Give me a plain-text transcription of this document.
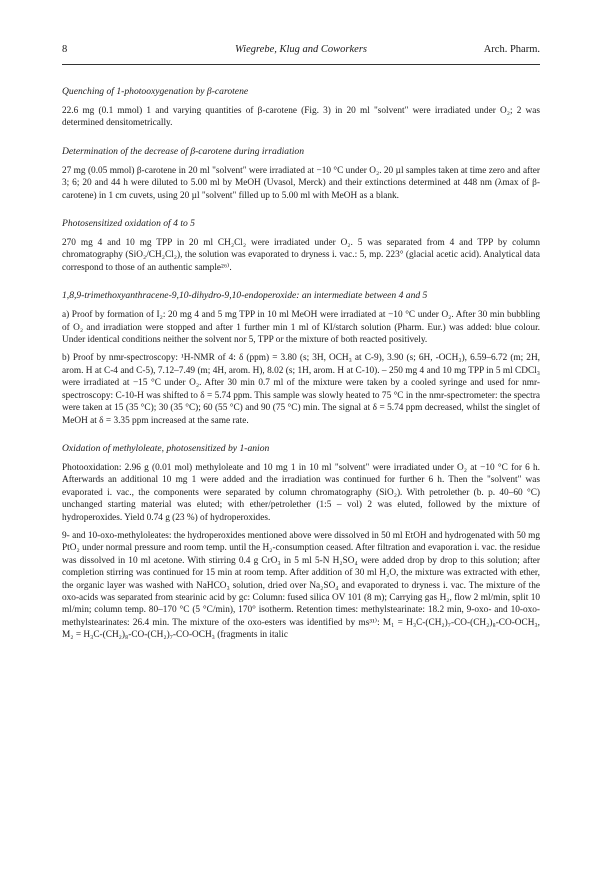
8	Wiegrebe, Klug and Coworkers	Arch. Pharm.
Quenching of 1-photooxygenation by β-carotene
22.6 mg (0.1 mmol) 1 and varying quantities of β-carotene (Fig. 3) in 20 ml "solvent" were irradiated under O₂; 2 was determined densitometrically.
Determination of the decrease of β-carotene during irradiation
27 mg (0.05 mmol) β-carotene in 20 ml "solvent" were irradiated at −10 °C under O₂. 20 µl samples taken at time zero and after 3; 6; 20 and 44 h were diluted to 5.00 ml by MeOH (Uvasol, Merck) and their extinctions determined at 448 nm (λmax of β-carotene) in 1 cm cuvets, using 20 µl "solvent" filled up to 5.00 ml with MeOH as a blank.
Photosensitized oxidation of 4 to 5
270 mg 4 and 10 mg TPP in 20 ml CH₂Cl₂ were irradiated under O₂. 5 was separated from 4 and TPP by column chromatography (SiO₂/CH₂Cl₂), the solution was evaporated to dryness i. vac.: 5, mp. 223° (glacial acetic acid). Analytical data correspond to those of an authentic sample²⁶⁾.
1,8,9-trimethoxyanthracene-9,10-dihydro-9,10-endoperoxide: an intermediate between 4 and 5
a) Proof by formation of I₂: 20 mg 4 and 5 mg TPP in 10 ml MeOH were irradiated at −10 °C under O₂. After 30 min bubbling of O₂ and irradiation were stopped and after 1 further min 1 ml of KI/starch solution (Pharm. Eur.) was added: blue colour. Under identical conditions neither the solvent nor 5, TPP or the mixture of both reacted positively.
b) Proof by nmr-spectroscopy: ¹H-NMR of 4: δ (ppm) = 3.80 (s; 3H, OCH₃ at C-9), 3.90 (s; 6H, -OCH₃), 6.59–6.72 (m; 2H, arom. H at C-4 and C-5), 7.12–7.49 (m; 4H, arom. H), 8.02 (s; 1H, arom. H at C-10). – 250 mg 4 and 10 mg TPP in 5 ml CDCl₃ were irradiated at −15 °C under O₂. After 30 min 0.7 ml of the mixture were taken by a cooled syringe and used for nmr-spectroscopy: C-10-H was shifted to δ = 5.74 ppm. This sample was slowly heated to 75 °C in the nmr-spectrometer: the spectra were taken at 15 (35 °C); 30 (35 °C); 60 (55 °C) and 90 (75 °C) min. The signal at δ = 5.74 ppm decreased, whilst the singlet of MeOH at δ = 3.35 ppm increased at the same rate.
Oxidation of methyloleate, photosensitized by 1-anion
Photooxidation: 2.96 g (0.01 mol) methyloleate and 10 mg 1 in 10 ml "solvent" were irradiated under O₂ at −10 °C for 6 h. Afterwards an additional 10 mg 1 were added and the irradiation was continued for further 6 h. Then the "solvent" was evaporated i. vac., the components were separated by column chromatography (SiO₂). With petrolether (b. p. 40–60 °C) unchanged starting material was eluted; with ether/petrolether (1:5 – vol) 2 was eluted, followed by the mixture of hydroperoxides. Yield 0.74 g (23 %) of hydroperoxides.
9- and 10-oxo-methyloleates: the hydroperoxides mentioned above were dissolved in 50 ml EtOH and hydrogenated with 50 mg PtO₂ under normal pressure and room temp. until the H₂-consumption ceased. After filtration and evaporation i. vac. the residue was dissolved in 10 ml acetone. With stirring 0.4 g CrO₃ in 5 ml 5-N H₂SO₄ were added drop by drop to this solution; after completion stirring was continued for 15 min at room temp. After addition of 30 ml H₂O, the mixture was extracted with ether, the organic layer was washed with NaHCO₃ solution, dried over Na₂SO₄ and evaporated to dryness i. vac. The mixture of the oxo-acids was separated from stearinic acid by gc: Column: fused silica OV 101 (8 m); Carrying gas H₂, flow 2 ml/min, split 10 ml/min; column temp. 80–170 °C (5 °C/min), 170° isotherm. Retention times: methylstearinate: 18.2 min, 9-oxo- and 10-oxo-methylstearinates: 26.4 min. The mixture of the oxo-esters was identified by ms³¹⁾: M₁ = H₃C-(CH₂)₇-CO-(CH₂)₈-CO-OCH₃, M₂ = H₃C-(CH₂)₈-CO-(CH₂)₇-CO-OCH₃ (fragments in italic
